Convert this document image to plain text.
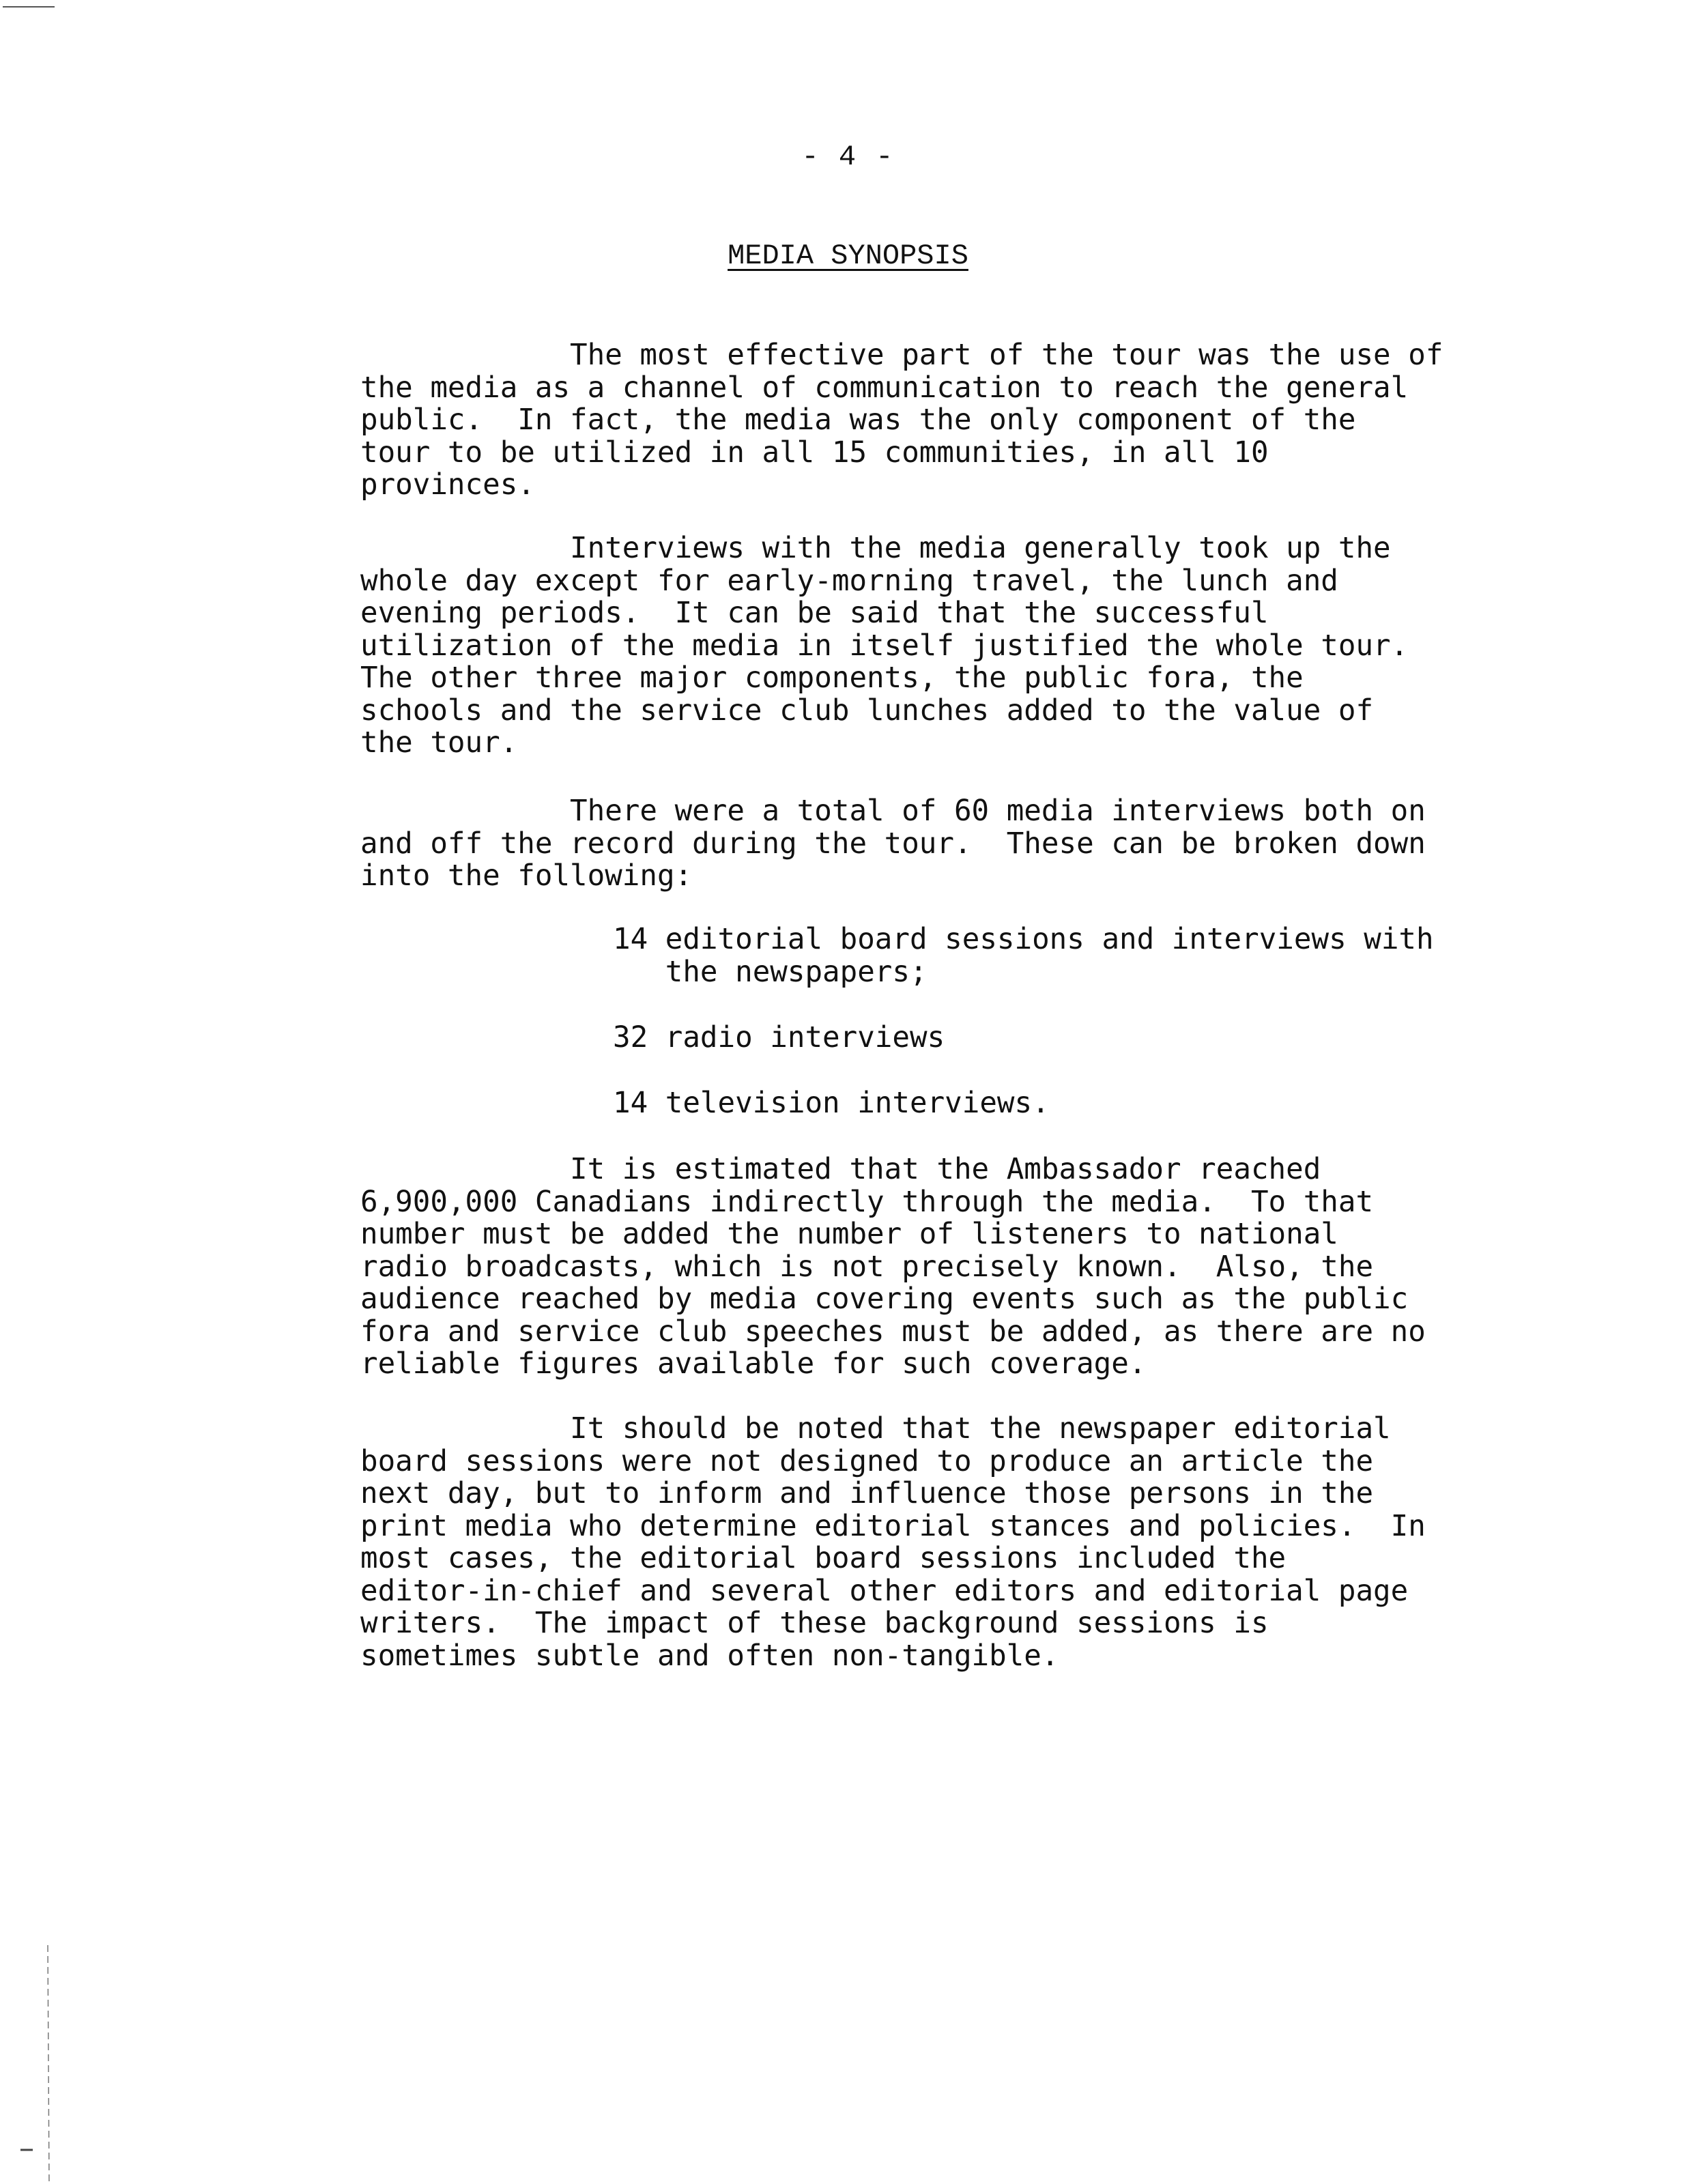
- 4 -
MEDIA SYNOPSIS
The most effective part of the tour was the use of
the media as a channel of communication to reach the general
public.  In fact, the media was the only component of the
tour to be utilized in all 15 communities, in all 10
provinces.
Interviews with the media generally took up the
whole day except for early-morning travel, the lunch and
evening periods.  It can be said that the successful
utilization of the media in itself justified the whole tour.
The other three major components, the public fora, the
schools and the service club lunches added to the value of
the tour.
There were a total of 60 media interviews both on
and off the record during the tour.  These can be broken down
into the following:
14 editorial board sessions and interviews with
the newspapers;
32 radio interviews
14 television interviews.
It is estimated that the Ambassador reached
6,900,000 Canadians indirectly through the media.  To that
number must be added the number of listeners to national
radio broadcasts, which is not precisely known.  Also, the
audience reached by media covering events such as the public
fora and service club speeches must be added, as there are no
reliable figures available for such coverage.
It should be noted that the newspaper editorial
board sessions were not designed to produce an article the
next day, but to inform and influence those persons in the
print media who determine editorial stances and policies.  In
most cases, the editorial board sessions included the
editor-in-chief and several other editors and editorial page
writers.  The impact of these background sessions is
sometimes subtle and often non-tangible.
